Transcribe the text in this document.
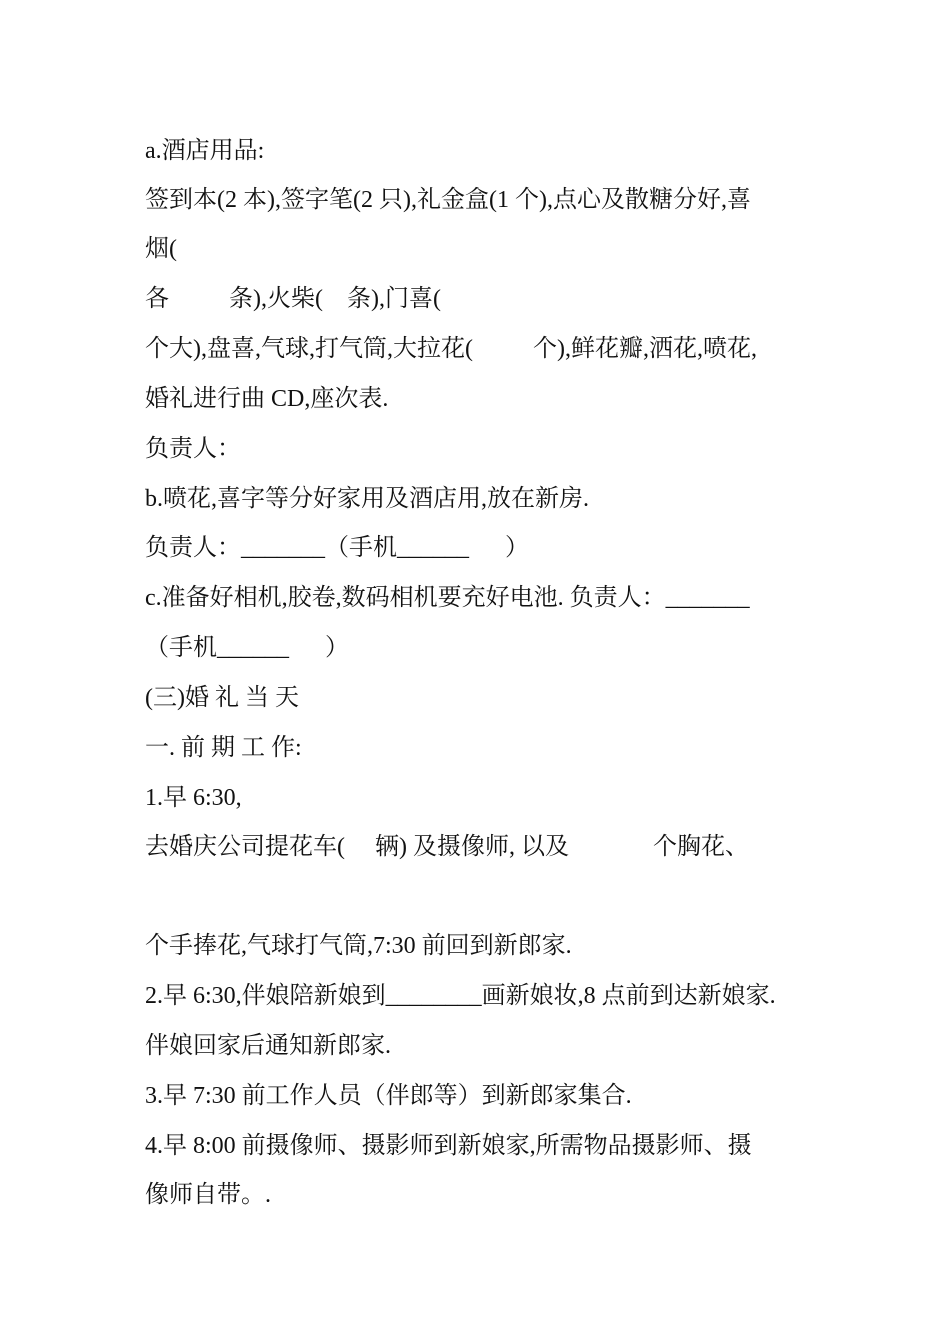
a.酒店用品:
签到本(2 本),签字笔(2 只),礼金盒(1 个),点心及散糖分好,喜
烟(
各          条),火柴(    条),门喜(
个大),盘喜,气球,打气筒,大拉花(          个),鲜花瓣,洒花,喷花,
婚礼进行曲 CD,座次表.
负责人：
b.喷花,喜字等分好家用及酒店用,放在新房.
负责人：_______（手机______      ）
c.准备好相机,胶卷,数码相机要充好电池. 负责人：_______
（手机______      ）
(三)婚 礼 当 天
一. 前 期 工 作:
1.早 6:30,
去婚庆公司提花车(     辆) 及摄像师, 以及              个胸花、
个手捧花,气球打气筒,7:30 前回到新郎家.
2.早 6:30,伴娘陪新娘到________画新娘妆,8 点前到达新娘家.
伴娘回家后通知新郎家.
3.早 7:30 前工作人员（伴郎等）到新郎家集合.
4.早 8:00 前摄像师、摄影师到新娘家,所需物品摄影师、摄
像师自带。.
